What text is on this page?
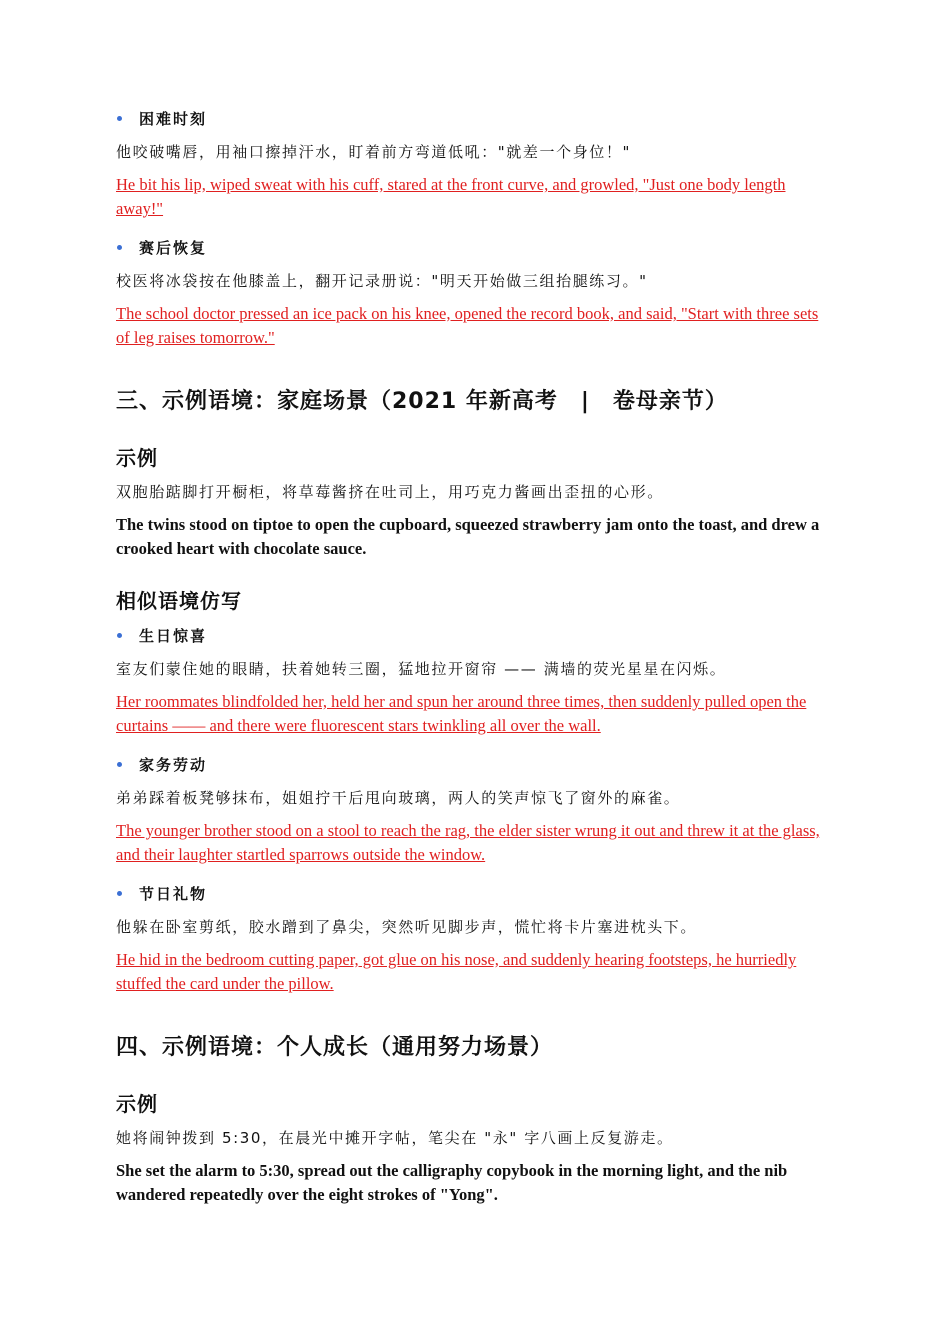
困难时刻
他咬破嘴唇，用袖口擦掉汗水，盯着前方弯道低吼："就差一个身位！"
He bit his lip, wiped sweat with his cuff, stared at the front curve, and growled, "Just one body length away!"
赛后恢复
校医将冰袋按在他膝盖上，翻开记录册说："明天开始做三组抬腿练习。"
The school doctor pressed an ice pack on his knee, opened the record book, and said, "Start with three sets of leg raises tomorrow."
三、示例语境：家庭场景（2021 年新高考　|　卷母亲节）
示例
双胞胎踮脚打开橱柜，将草莓酱挤在吐司上，用巧克力酱画出歪扭的心形。
The twins stood on tiptoe to open the cupboard, squeezed strawberry jam onto the toast, and drew a crooked heart with chocolate sauce.
相似语境仿写
生日惊喜
室友们蒙住她的眼睛，扶着她转三圈，猛地拉开窗帘 —— 满墙的荧光星星在闪烁。
Her roommates blindfolded her, held her and spun her around three times, then suddenly pulled open the curtains —— and there were fluorescent stars twinkling all over the wall.
家务劳动
弟弟踩着板凳够抹布，姐姐拧干后甩向玻璃，两人的笑声惊飞了窗外的麻雀。
The younger brother stood on a stool to reach the rag, the elder sister wrung it out and threw it at the glass, and their laughter startled sparrows outside the window.
节日礼物
他躲在卧室剪纸，胶水蹭到了鼻尖，突然听见脚步声，慌忙将卡片塞进枕头下。
He hid in the bedroom cutting paper, got glue on his nose, and suddenly hearing footsteps, he hurriedly stuffed the card under the pillow.
四、示例语境：个人成长（通用努力场景）
示例
她将闹钟拨到 5:30，在晨光中摊开字帖，笔尖在 "永" 字八画上反复游走。
She set the alarm to 5:30, spread out the calligraphy copybook in the morning light, and the nib wandered repeatedly over the eight strokes of "Yong".
